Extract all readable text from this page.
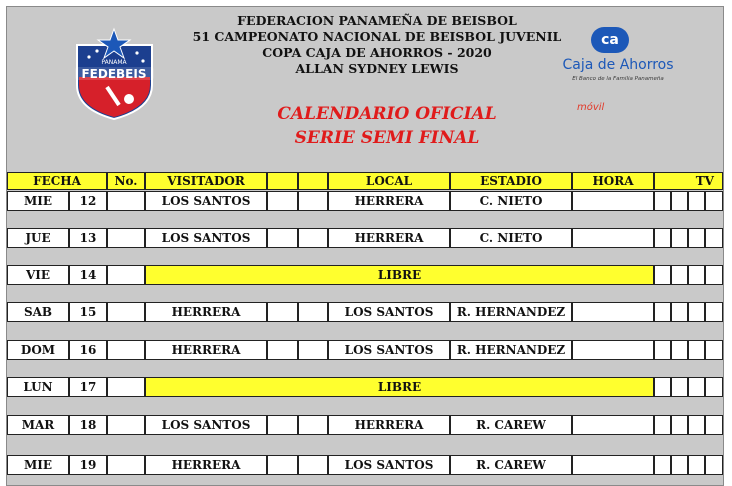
PANAMA
FEDEBEIS
FEDERACION PANAMEÑA DE BEISBOL
51 CAMPEONATO NACIONAL DE BEISBOL JUVENIL
COPA CAJA DE AHORROS - 2020
ALLAN SYDNEY LEWIS
CALENDARIO OFICIAL
SERIE SEMI FINAL
ca
Caja de Ahorros
El Banco de la Familia Panameña
móvil
FECHA	No.	VISITADOR	LOCAL	ESTADIO	HORA	TV
MIE	12	LOS SANTOS	HERRERA	C. NIETO
JUE	13	LOS SANTOS	HERRERA	C. NIETO
VIE	14	LIBRE
SAB	15	HERRERA	LOS SANTOS	R. HERNANDEZ
DOM	16	HERRERA	LOS SANTOS	R. HERNANDEZ
LUN	17	LIBRE
MAR	18	LOS SANTOS	HERRERA	R. CAREW
MIE	19	HERRERA	LOS SANTOS	R. CAREW
